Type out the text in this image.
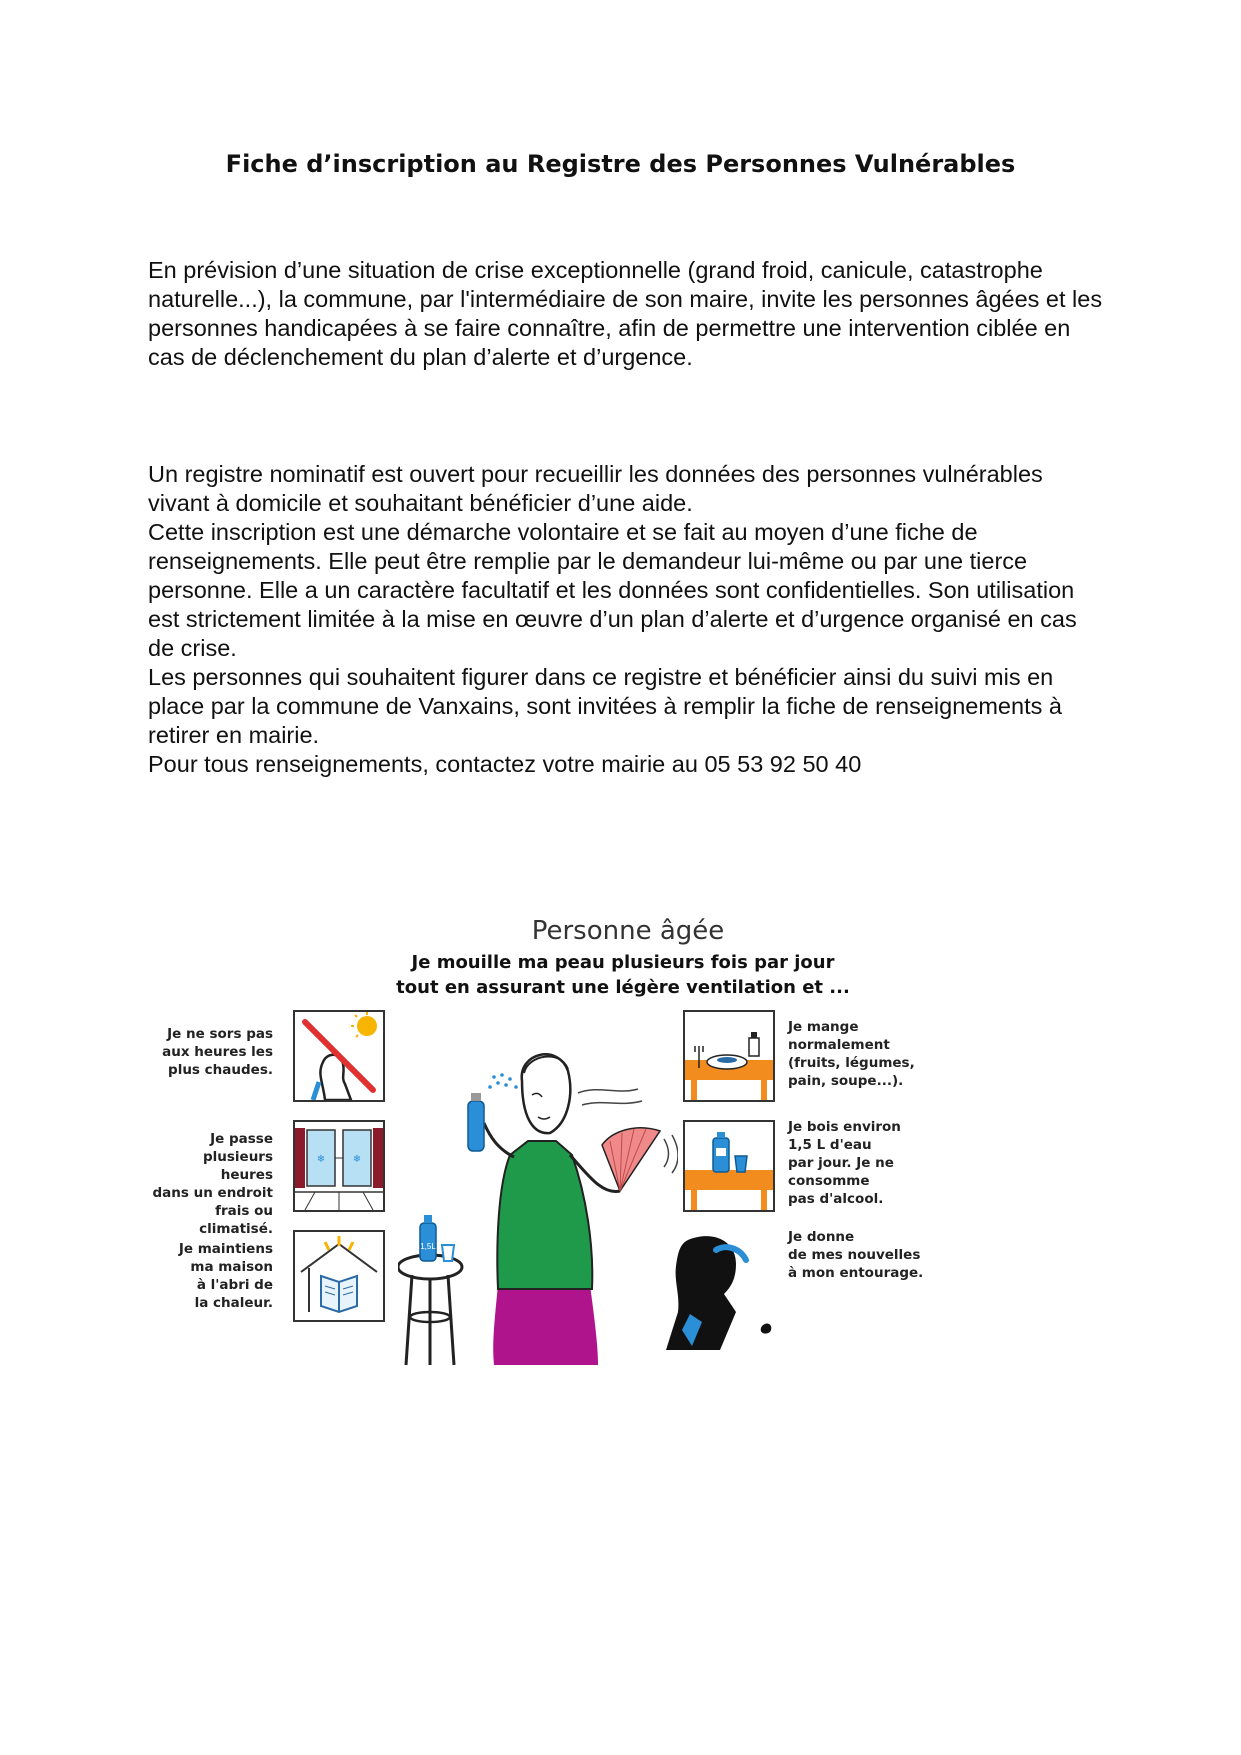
Fiche d’inscription au Registre des Personnes Vulnérables

En prévision d’une situation de crise exceptionnelle (grand froid, canicule, catastrophe naturelle...), la commune, par l'intermédiaire de son maire, invite les personnes âgées et les personnes handicapées à se faire connaître, afin de permettre une intervention ciblée en cas de déclenchement du plan d’alerte et d’urgence.

Un registre nominatif est ouvert pour recueillir les données des personnes vulnérables vivant à domicile et souhaitant bénéficier d’une aide.

Cette inscription est une démarche volontaire et se fait au moyen d’une fiche de renseignements. Elle peut être remplie par le demandeur lui-même ou par une tierce personne. Elle a un caractère facultatif et les données sont confidentielles. Son utilisation est strictement limitée à la mise en œuvre d’un plan d’alerte et d’urgence organisé en cas de crise.

Les personnes qui souhaitent figurer dans ce registre et bénéficier ainsi du suivi mis en place par la commune de Vanxains, sont invitées à remplir la fiche de renseignements à retirer en mairie.

Pour tous renseignements, contactez votre mairie au 05 53 92 50 40

Personne âgée
Je mouille ma peau plusieurs fois par jour
tout en assurant une légère ventilation et ...
Je ne sors pas
aux heures les
plus chaudes.
Je passe
plusieurs heures
dans un endroit
frais ou climatisé.
❄	❄
Je maintiens
ma maison
à l'abri de
la chaleur.
1,5L
Je mange
normalement
(fruits, légumes,
pain, soupe...).
Je bois environ
1,5 L d'eau
par jour. Je ne
consomme
pas d'alcool.
Je donne
de mes nouvelles
à mon entourage.
